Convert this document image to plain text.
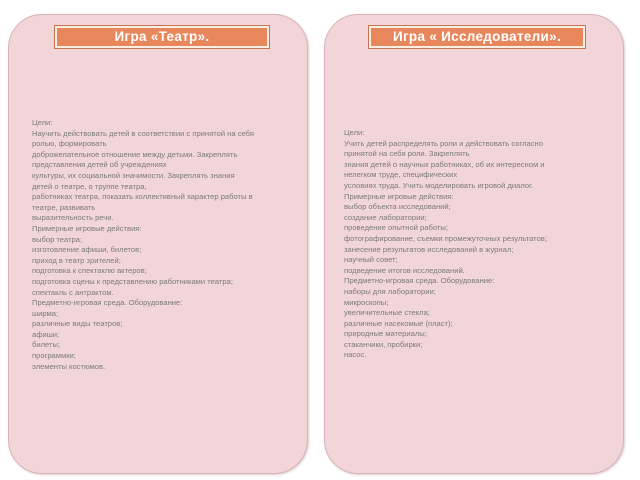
Игра «Театр».
Цели:
Научить действовать детей в соответствии с принятой на себя
ролью, формировать
доброжелательное отношение между детьми. Закреплять
представления детей об учреждениях
культуры, их социальной значимости. Закреплять знания
детей о театре, о труппе театра,
работниках театра, показать коллективный характер работы в
театре, развивать
выразительность речи.
Примерные игровые действия:
выбор театра;
изготовление афиши, билетов;
приход в театр зрителей;
подготовка к спектаклю актеров;
подготовка сцены к представлению работниками театра;
спектакль с антрактом.
Предметно-игровая среда. Оборудование:
ширма;
различные виды театров;
афиши;
билеты;
программки;
элементы костюмов.
Игра « Исследователи».
Цели:
Учить детей распределять роли и действовать согласно
принятой на себя роли. Закреплять
знания детей о научных работниках, об их интересном и
нелегком труде, специфических
условиях труда. Учить моделировать игровой диалог.
Примерные игровые действия:
выбор объекта исследований;
создание лаборатории;
проведение опытной работы;
фотографирование, съемки промежуточных результатов;
занесение результатов исследований в журнал;
научный совет;
подведение итогов исследований.
Предметно-игровая среда. Оборудование:
наборы для лаборатории;
микроскопы;
увеличительные стекла;
различные насекомые (пласт);
природные материалы;
стаканчики, пробирки;
насос.
